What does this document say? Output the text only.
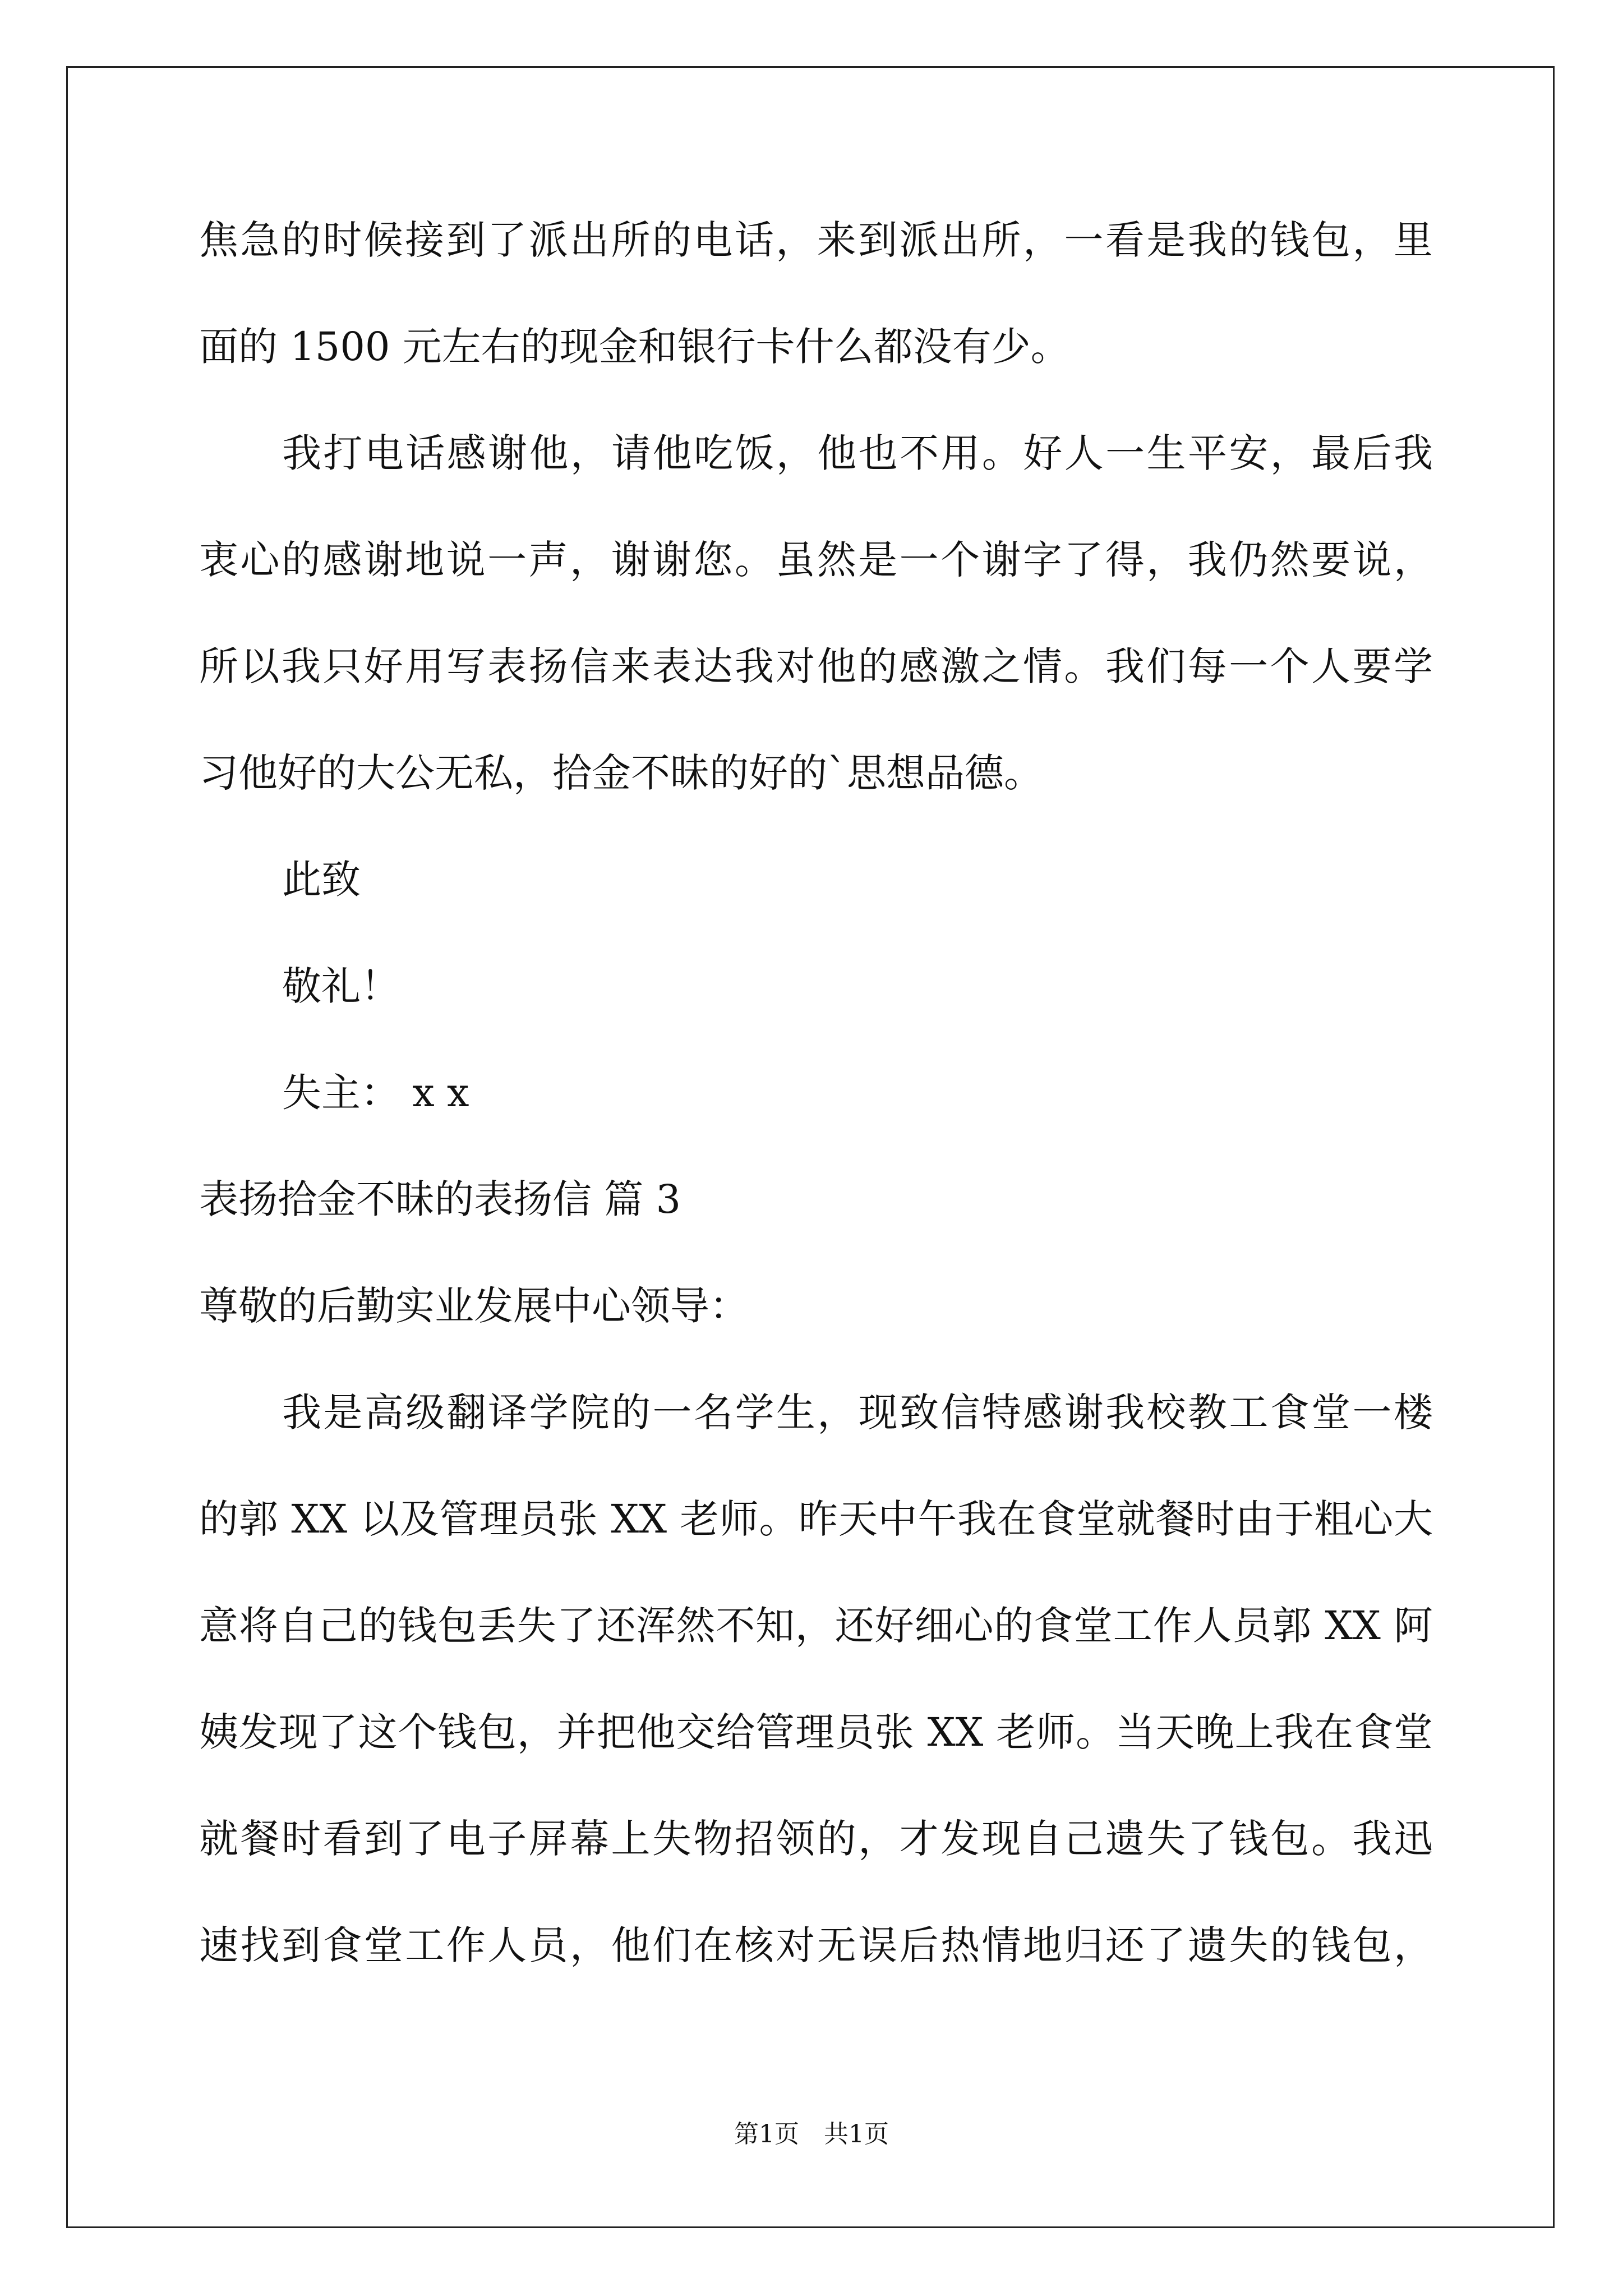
焦急的时候接到了派出所的电话，来到派出所，一看是我的钱包，里
面的 1500 元左右的现金和银行卡什么都没有少。
我打电话感谢他，请他吃饭，他也不用。好人一生平安，最后我
衷心的感谢地说一声，谢谢您。虽然是一个谢字了得，我仍然要说，
所以我只好用写表扬信来表达我对他的感激之情。我们每一个人要学
习他好的大公无私，拾金不昧的好的`思想品德。
此致
敬礼！
失主： x x
表扬拾金不昧的表扬信 篇 3
尊敬的后勤实业发展中心领导：
我是高级翻译学院的一名学生，现致信特感谢我校教工食堂一楼
的郭 XX 以及管理员张 XX 老师。昨天中午我在食堂就餐时由于粗心大
意将自己的钱包丢失了还浑然不知，还好细心的食堂工作人员郭 XX 阿
姨发现了这个钱包，并把他交给管理员张 XX 老师。当天晚上我在食堂
就餐时看到了电子屏幕上失物招领的，才发现自己遗失了钱包。我迅
速找到食堂工作人员，他们在核对无误后热情地归还了遗失的钱包，
第1页　共1页
